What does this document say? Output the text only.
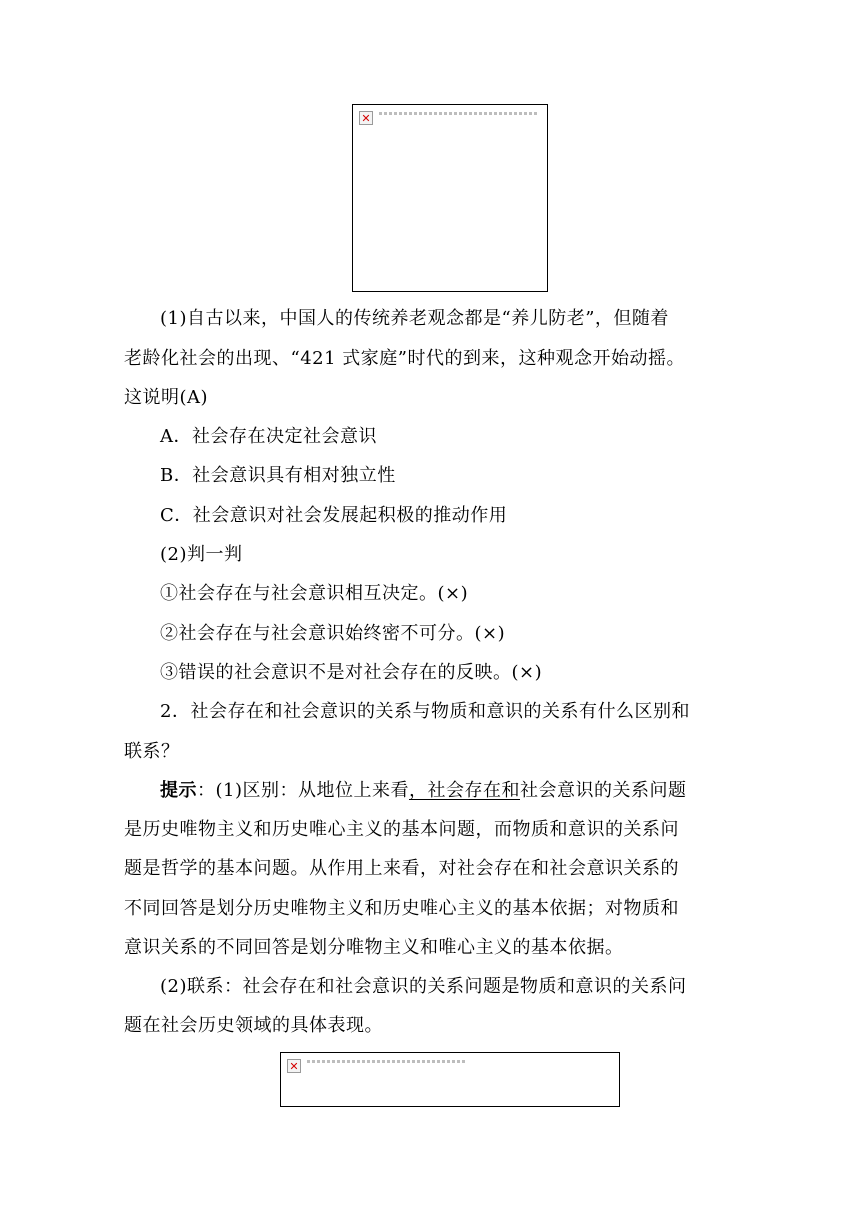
✕
(1)自古以来，中国人的传统养老观念都是“养儿防老”，但随着
老龄化社会的出现、“421 式家庭”时代的到来，这种观念开始动摇。
这说明(A)
A．社会存在决定社会意识
B．社会意识具有相对独立性
C．社会意识对社会发展起积极的推动作用
(2)判一判
①社会存在与社会意识相互决定。(×)
②社会存在与社会意识始终密不可分。(×)
③错误的社会意识不是对社会存在的反映。(×)
2．社会存在和社会意识的关系与物质和意识的关系有什么区别和
联系？
提示：(1)区别：从地位上来看，社会存在和社会意识的关系问题
是历史唯物主义和历史唯心主义的基本问题，而物质和意识的关系问
题是哲学的基本问题。从作用上来看，对社会存在和社会意识关系的
不同回答是划分历史唯物主义和历史唯心主义的基本依据；对物质和
意识关系的不同回答是划分唯物主义和唯心主义的基本依据。
(2)联系：社会存在和社会意识的关系问题是物质和意识的关系问
题在社会历史领域的具体表现。
✕
